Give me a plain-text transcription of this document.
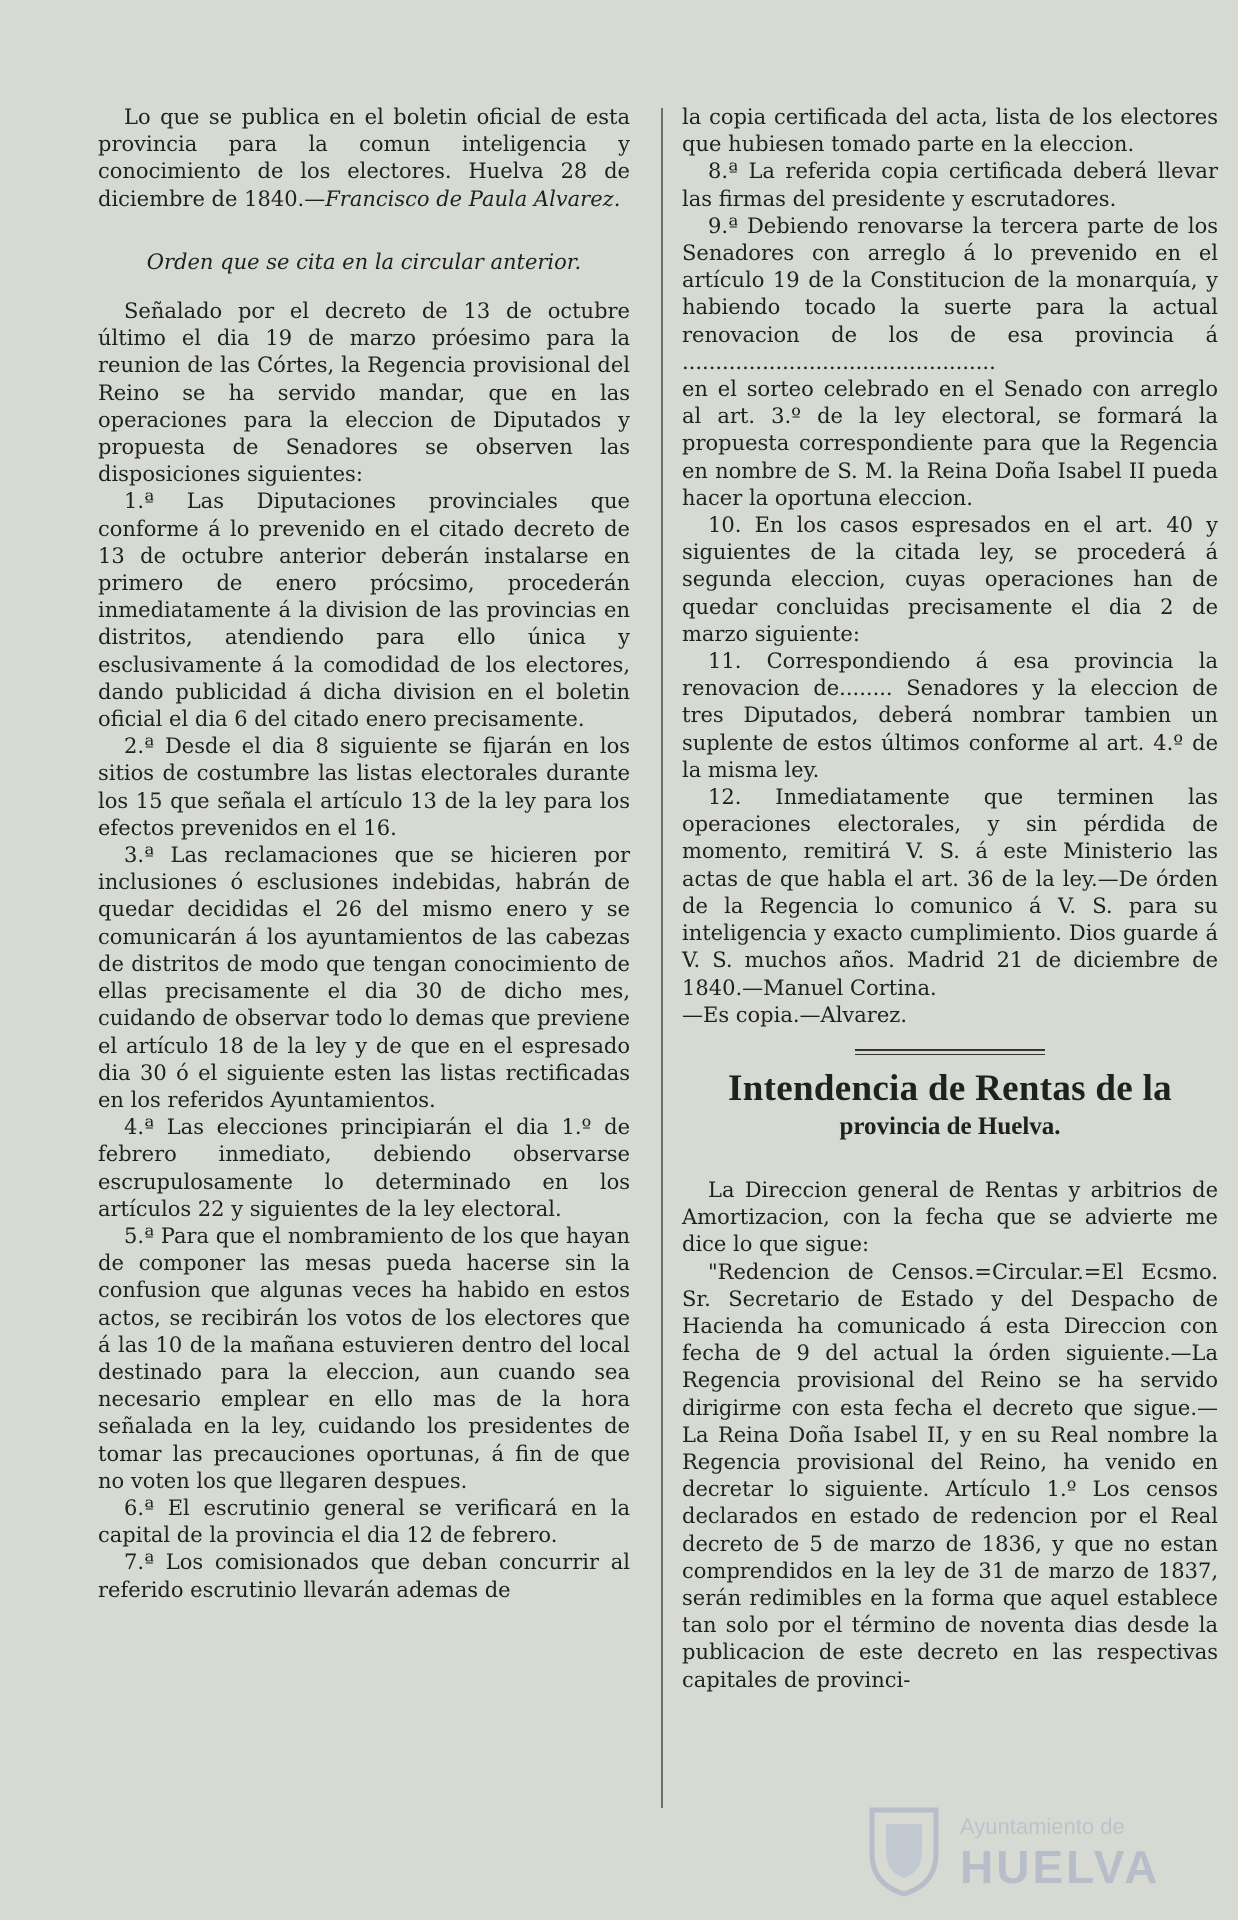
Lo que se publica en el boletin oficial de esta provincia para la comun inteligencia y conocimiento de los electores. Huelva 28 de diciembre de 1840.—Francisco de Paula Alvarez.

Orden que se cita en la circular anterior.

Señalado por el decreto de 13 de octubre último el dia 19 de marzo próesimo para la reunion de las Córtes, la Regencia provisional del Reino se ha servido mandar, que en las operaciones para la eleccion de Diputados y propuesta de Senadores se observen las disposiciones siguientes:

1.ª Las Diputaciones provinciales que conforme á lo prevenido en el citado decreto de 13 de octubre anterior deberán instalarse en primero de enero prócsimo, procederán inmediatamente á la division de las provincias en distritos, atendiendo para ello única y esclusivamente á la comodidad de los electores, dando publicidad á dicha division en el boletin oficial el dia 6 del citado enero precisamente.

2.ª Desde el dia 8 siguiente se fijarán en los sitios de costumbre las listas electorales durante los 15 que señala el artículo 13 de la ley para los efectos prevenidos en el 16.

3.ª Las reclamaciones que se hicieren por inclusiones ó esclusiones indebidas, habrán de quedar decididas el 26 del mismo enero y se comunicarán á los ayuntamientos de las cabezas de distritos de modo que tengan conocimiento de ellas precisamente el dia 30 de dicho mes, cuidando de observar todo lo demas que previene el artículo 18 de la ley y de que en el espresado dia 30 ó el siguiente esten las listas rectificadas en los referidos Ayuntamientos.

4.ª Las elecciones principiarán el dia 1.º de febrero inmediato, debiendo observarse escrupulosamente lo determinado en los artículos 22 y siguientes de la ley electoral.

5.ª Para que el nombramiento de los que hayan de componer las mesas pueda hacerse sin la confusion que algunas veces ha habido en estos actos, se recibirán los votos de los electores que á las 10 de la mañana estuvieren dentro del local destinado para la eleccion, aun cuando sea necesario emplear en ello mas de la hora señalada en la ley, cuidando los presidentes de tomar las precauciones oportunas, á fin de que no voten los que llegaren despues.

6.ª El escrutinio general se verificará en la capital de la provincia el dia 12 de febrero.

7.ª Los comisionados que deban concurrir al referido escrutinio llevarán ademas de

la copia certificada del acta, lista de los electores que hubiesen tomado parte en la eleccion.

8.ª La referida copia certificada deberá llevar las firmas del presidente y escrutadores.

9.ª Debiendo renovarse la tercera parte de los Senadores con arreglo á lo prevenido en el artículo 19 de la Constitucion de la monarquía, y habiendo tocado la suerte para la actual renovacion de los de esa provincia á ...............................................

en el sorteo celebrado en el Senado con arreglo al art. 3.º de la ley electoral, se formará la propuesta correspondiente para que la Regencia en nombre de S. M. la Reina Doña Isabel II pueda hacer la oportuna eleccion.

10. En los casos espresados en el art. 40 y siguientes de la citada ley, se procederá á segunda eleccion, cuyas operaciones han de quedar concluidas precisamente el dia 2 de marzo siguiente:

11. Correspondiendo á esa provincia la renovacion de........ Senadores y la eleccion de tres Diputados, deberá nombrar tambien un suplente de estos últimos conforme al art. 4.º de la misma ley.

12. Inmediatamente que terminen las operaciones electorales, y sin pérdida de momento, remitirá V. S. á este Ministerio las actas de que habla el art. 36 de la ley.—De órden de la Regencia lo comunico á V. S. para su inteligencia y exacto cumplimiento. Dios guarde á V. S. muchos años. Madrid 21 de diciembre de 1840.—Manuel Cortina.

—Es copia.—Alvarez.

Intendencia de Rentas de la
provincia de Huelva.

La Direccion general de Rentas y arbitrios de Amortizacion, con la fecha que se advierte me dice lo que sigue:

"Redencion de Censos.=Circular.=El Ecsmo. Sr. Secretario de Estado y del Despacho de Hacienda ha comunicado á esta Direccion con fecha de 9 del actual la órden siguiente.—La Regencia provisional del Reino se ha servido dirigirme con esta fecha el decreto que sigue.—La Reina Doña Isabel II, y en su Real nombre la Regencia provisional del Reino, ha venido en decretar lo siguiente. Artículo 1.º Los censos declarados en estado de redencion por el Real decreto de 5 de marzo de 1836, y que no estan comprendidos en la ley de 31 de marzo de 1837, serán redimibles en la forma que aquel establece tan solo por el término de noventa dias desde la publicacion de este decreto en las respectivas capitales de provinci-

Ayuntamiento de
HUELVA
